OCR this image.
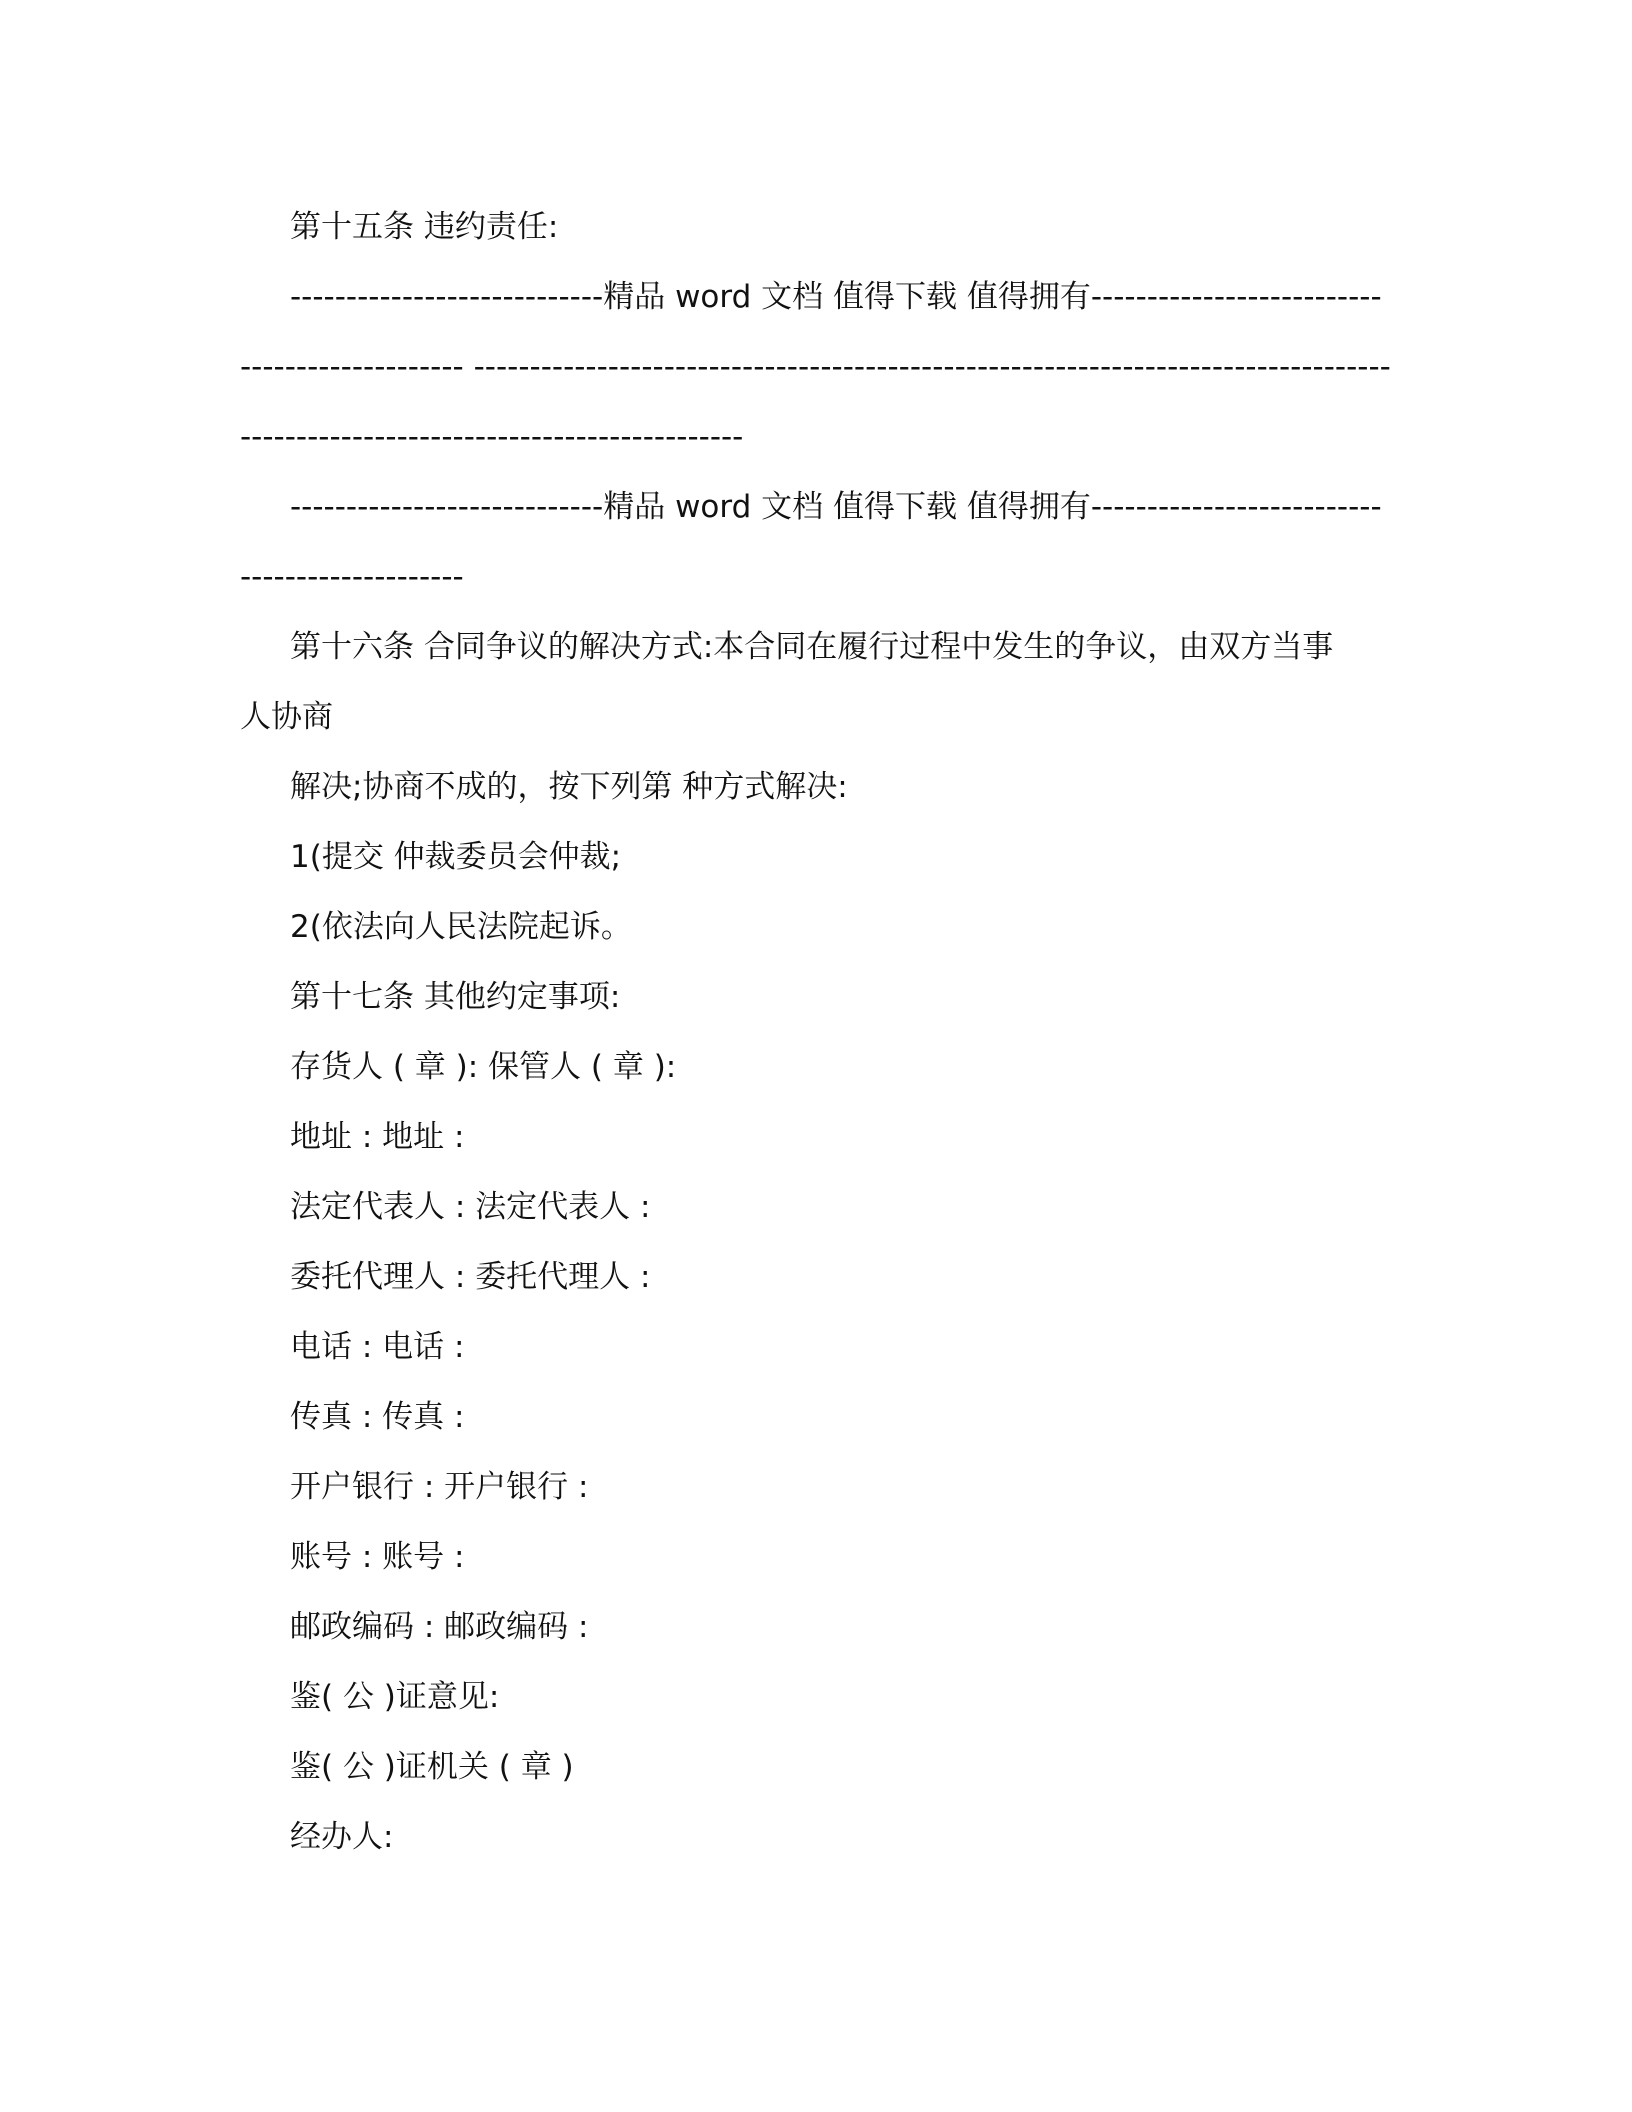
第十五条 违约责任:
----------------------------精品 word 文档 值得下载 值得拥有--------------------------
-------------------- ----------------------------------------------------------------------------------
---------------------------------------------
----------------------------精品 word 文档 值得下载 值得拥有--------------------------
--------------------
第十六条 合同争议的解决方式:本合同在履行过程中发生的争议，由双方当事
人协商
解决;协商不成的，按下列第 种方式解决:
1(提交 仲裁委员会仲裁;
2(依法向人民法院起诉。
第十七条 其他约定事项:
存货人 ( 章 ): 保管人 ( 章 ):
地址 : 地址 :
法定代表人 : 法定代表人 :
委托代理人 : 委托代理人 :
电话 : 电话 :
传真 : 传真 :
开户银行 : 开户银行 :
账号 : 账号 :
邮政编码 : 邮政编码 :
鉴( 公 )证意见:
鉴( 公 )证机关 ( 章 )
经办人:
